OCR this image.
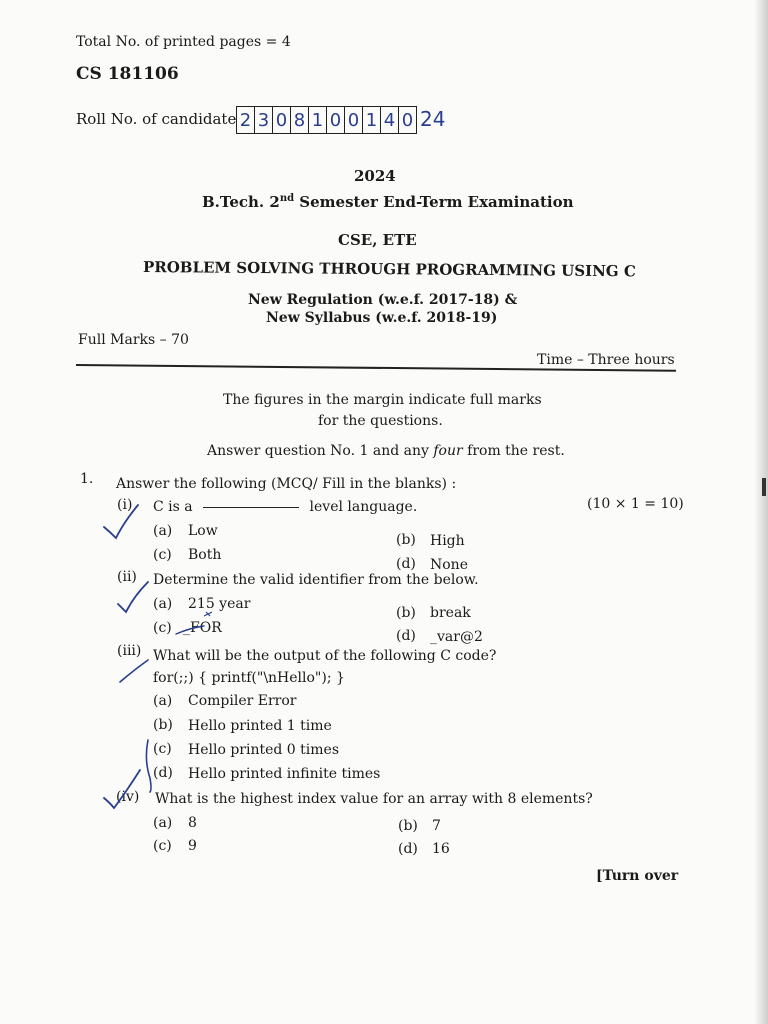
Total No. of printed pages = 4
CS 181106
Roll No. of candidate 2 3 0 8 1 0 0 1 4 0 24
2024
B.Tech. 2nd Semester End-Term Examination
CSE, ETE
PROBLEM SOLVING THROUGH PROGRAMMING USING C
New Regulation (w.e.f. 2017-18) &
New Syllabus (w.e.f. 2018-19)
Full Marks – 70
Time – Three hours
The figures in the margin indicate full marks
for the questions.
Answer question No. 1 and any four from the rest.
1. Answer the following (MCQ/ Fill in the blanks) :
(10 × 1 = 10)
(i) C is a	level language.
(a) Low
(b) High
(c) Both
(d) None
(ii) Determine the valid identifier from the below.
(a) 215 year
(b) break
(c) _FOR	(d) _var@2
(iii) What will be the output of the following C code?
for(;;) { printf("\nHello"); }
(a) Compiler Error
(b) Hello printed 1 time
(c) Hello printed 0 times
(d) Hello printed infinite times
(iv) What is the highest index value for an array with 8 elements?
(a) 8	(b) 7
(c) 9	(d) 16
[Turn over
